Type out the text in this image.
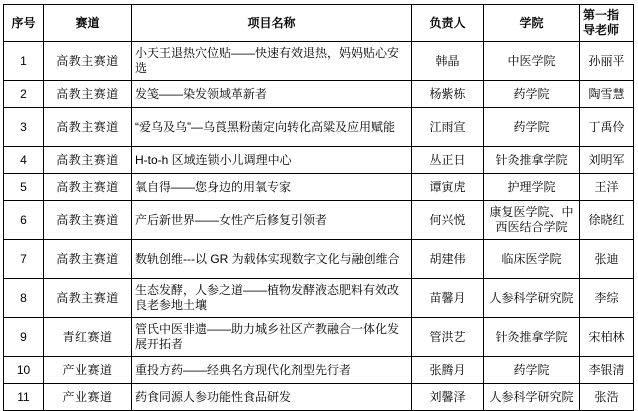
序号	赛道	项目名称	负责人	学院	第一指导老师
1	高教主赛道	小天王退热穴位贴——快速有效退热，妈妈贴心安选	韩晶	中医学院	孙丽平
2	高教主赛道	发笺——染发领域革新者	杨紫栋	药学院	陶雪慧
3	高教主赛道	“爱乌及乌”—乌莨黑粉菌定向转化高粱及应用赋能	江雨宣	药学院	丁禹伶
4	高教主赛道	H-to-h 区域连锁小儿调理中心	丛正日	针灸推拿学院	刘明军
5	高教主赛道	氧自得——您身边的用氧专家	谭寅虎	护理学院	王洋
6	高教主赛道	产后新世界——女性产后修复引领者	何兴悦	康复医学院、中西医结合学院	徐晓红
7	高教主赛道	数轨创维---以 GR 为载体实现数字文化与融创维合	胡建伟	临床医学院	张迪
8	高教主赛道	生态发酵，人参之道——植物发酵液态肥料有效改良老参地土壤	苗馨月	人参科学研究院	李综
9	青红赛道	管氏中医非遗——助力城乡社区产教融合一体化发展开拓者	管洪艺	针灸推拿学院	宋柏林
10	产业赛道	重投方药——经典名方现代化剂型先行者	张腾月	药学院	李银清
11	产业赛道	药食同源人参功能性食品研发	刘馨泽	人参科学研究院	张浩
